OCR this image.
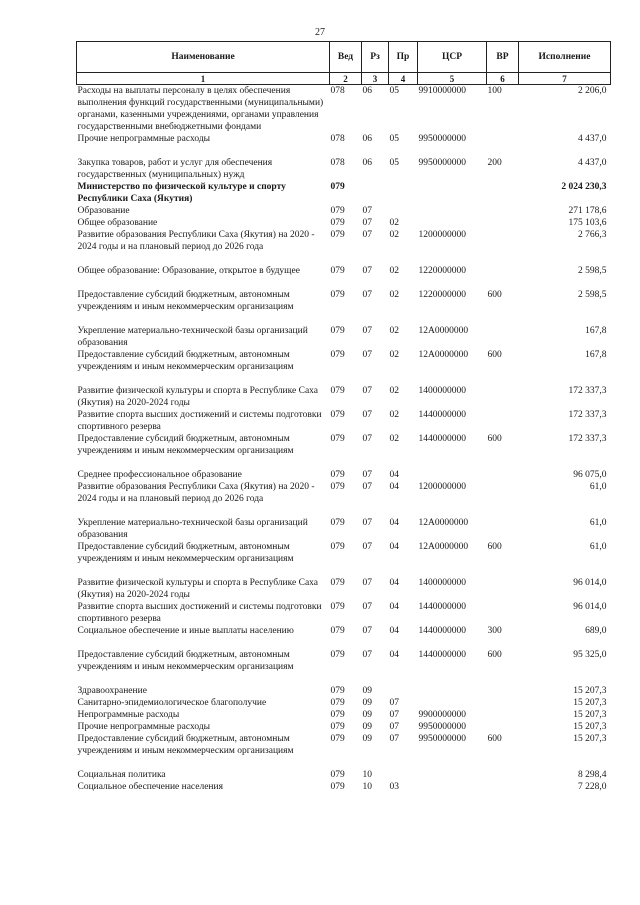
27
Наименование	Вед	Рз	Пр	ЦСР	ВР	Исполнение
1	2	3	4	5	6	7
Расходы на выплаты персоналу в целях обеспечения выполнения функций государственными (муниципальными) органами, казенными учреждениями, органами управления государственными внебюджетными фондами	078	06	05	9910000000	100	2 206,0
Прочие непрограммные расходы	078	06	05	9950000000		4 437,0

Закупка товаров, работ и услуг для обеспечения государственных (муниципальных) нужд	078	06	05	9950000000	200	4 437,0
Министерство по физической культуре и спорту Республики Саха (Якутия)	079					2 024 230,3
Образование	079	07				271 178,6
Общее образование	079	07	02			175 103,6
Развитие образования Республики Саха (Якутия) на 2020 - 2024 годы и на плановый период до 2026 года	079	07	02	1200000000		2 766,3

Общее образование: Образование, открытое в будущее	079	07	02	1220000000		2 598,5

Предоставление субсидий бюджетным, автономным учреждениям и иным некоммерческим организациям	079	07	02	1220000000	600	2 598,5

Укрепление материально-технической базы организаций образования	079	07	02	12А0000000		167,8
Предоставление субсидий бюджетным, автономным учреждениям и иным некоммерческим организациям	079	07	02	12А0000000	600	167,8

Развитие физической культуры и спорта в Республике Саха (Якутия) на 2020-2024 годы	079	07	02	1400000000		172 337,3
Развитие спорта высших достижений и системы подготовки спортивного резерва	079	07	02	1440000000		172 337,3
Предоставление субсидий бюджетным, автономным учреждениям и иным некоммерческим организациям	079	07	02	1440000000	600	172 337,3

Среднее профессиональное образование	079	07	04			96 075,0
Развитие образования Республики Саха (Якутия) на 2020 - 2024 годы и на плановый период до 2026 года	079	07	04	1200000000		61,0

Укрепление материально-технической базы организаций образования	079	07	04	12А0000000		61,0
Предоставление субсидий бюджетным, автономным учреждениям и иным некоммерческим организациям	079	07	04	12А0000000	600	61,0

Развитие физической культуры и спорта в Республике Саха (Якутия) на 2020-2024 годы	079	07	04	1400000000		96 014,0
Развитие спорта высших достижений и системы подготовки спортивного резерва	079	07	04	1440000000		96 014,0
Социальное обеспечение и иные выплаты населению	079	07	04	1440000000	300	689,0

Предоставление субсидий бюджетным, автономным учреждениям и иным некоммерческим организациям	079	07	04	1440000000	600	95 325,0

Здравоохранение	079	09				15 207,3
Санитарно-эпидемиологическое благополучие	079	09	07			15 207,3
Непрограммные расходы	079	09	07	9900000000		15 207,3
Прочие непрограммные расходы	079	09	07	9950000000		15 207,3
Предоставление субсидий бюджетным, автономным учреждениям и иным некоммерческим организациям	079	09	07	9950000000	600	15 207,3

Социальная политика	079	10				8 298,4
Социальное обеспечение населения	079	10	03			7 228,0
